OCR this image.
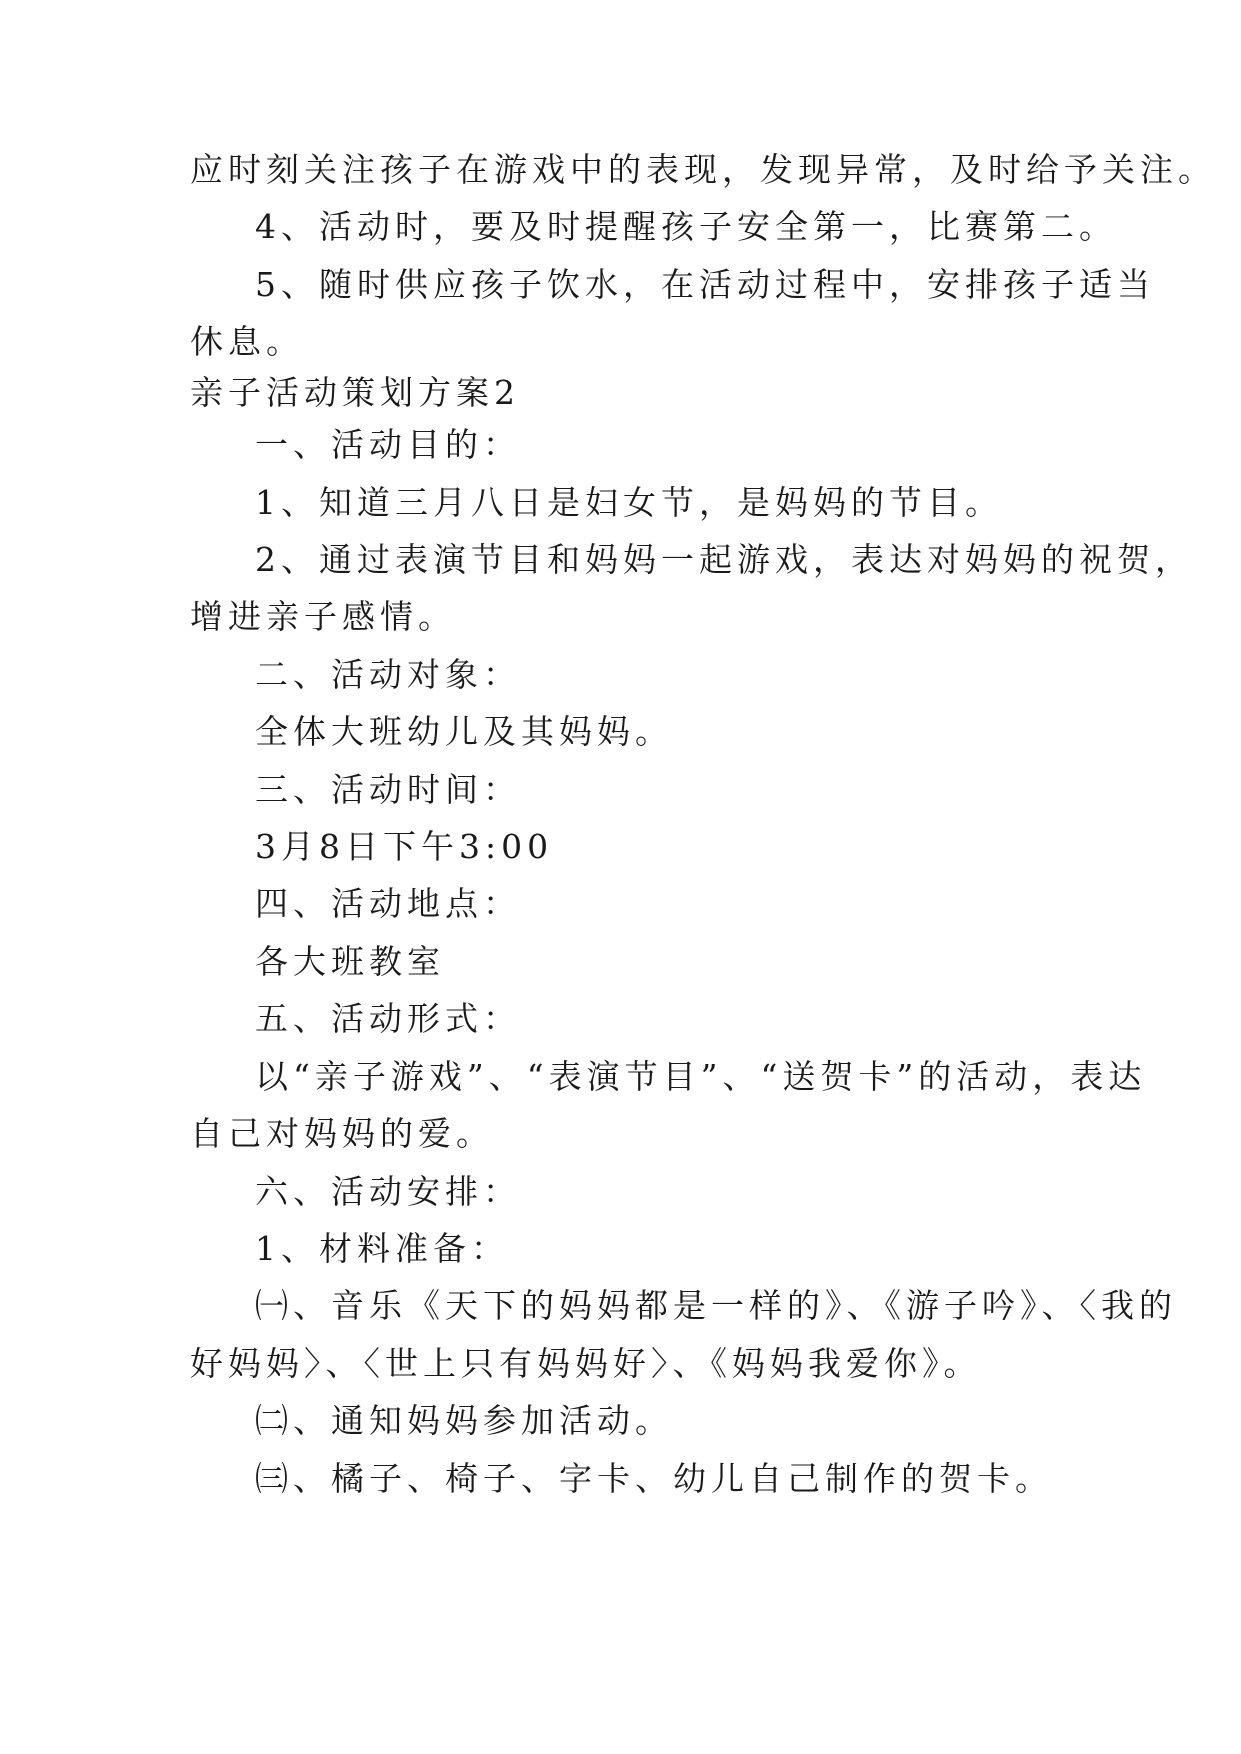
应时刻关注孩子在游戏中的表现，发现异常，及时给予关注。
4、活动时，要及时提醒孩子安全第一，比赛第二。
5、随时供应孩子饮水，在活动过程中，安排孩子适当
休息。
亲子活动策划方案2
一、活动目的：
1、知道三月八日是妇女节，是妈妈的节目。
2、通过表演节目和妈妈一起游戏，表达对妈妈的祝贺，
增进亲子感情。
二、活动对象：
全体大班幼儿及其妈妈。
三、活动时间：
3月8日下午3:00
四、活动地点：
各大班教室
五、活动形式：
以“亲子游戏”、“表演节目”、“送贺卡”的活动，表达
自己对妈妈的爱。
六、活动安排：
1、材料准备：
㈠、音乐《天下的妈妈都是一样的》、《游子吟》、〈我的
好妈妈〉、〈世上只有妈妈好〉、《妈妈我爱你》。
㈡、通知妈妈参加活动。
㈢、橘子、椅子、字卡、幼儿自己制作的贺卡。
